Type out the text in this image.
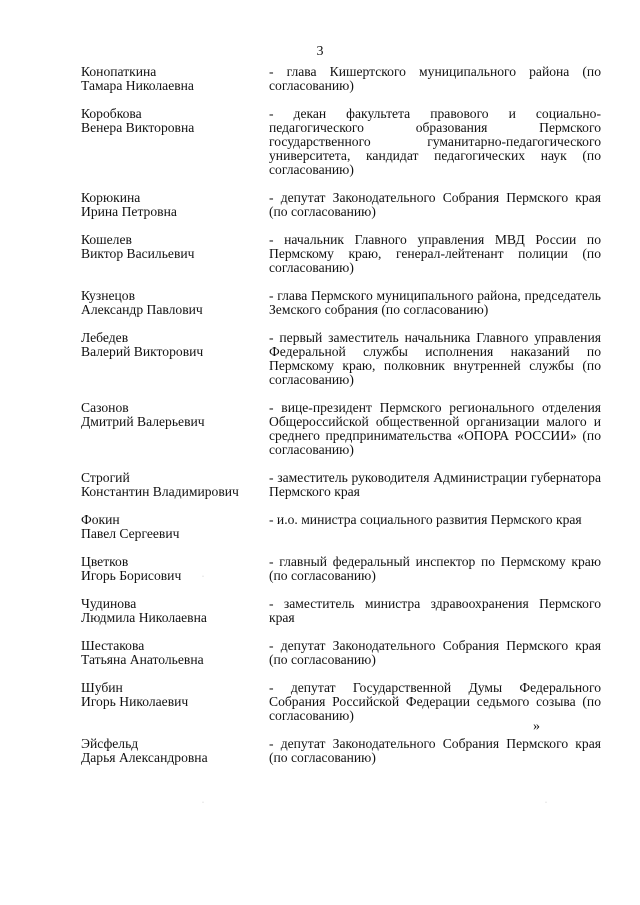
3
Конопаткина
Тамара Николаевна
- глава Кишертского муниципального района (по согласованию)
Коробкова
Венера Викторовна
- декан факультета правового и социально-педагогического образования Пермского государственного гуманитарно-педагогического университета, кандидат педагогических наук (по согласованию)
Корюкина
Ирина Петровна
- депутат Законодательного Собрания Пермского края (по согласованию)
Кошелев
Виктор Васильевич
- начальник Главного управления МВД России по Пермскому краю, генерал-лейтенант полиции (по согласованию)
Кузнецов
Александр Павлович
- глава Пермского муниципального района, председатель Земского собрания (по согласованию)
Лебедев
Валерий Викторович
- первый заместитель начальника Главного управления Федеральной службы исполнения наказаний по Пермскому краю, полковник внутренней службы (по согласованию)
Сазонов
Дмитрий Валерьевич
- вице-президент Пермского регионального отделения Общероссийской общественной организации малого и среднего предпринимательства «ОПОРА РОССИИ» (по согласованию)
Строгий
Константин Владимирович
- заместитель руководителя Администрации губернатора Пермского края
Фокин
Павел Сергеевич
- и.о. министра социального развития Пермского края
Цветков
Игорь Борисович
- главный федеральный инспектор по Пермскому краю (по согласованию)
Чудинова
Людмила Николаевна
- заместитель министра здравоохранения Пермского края
Шестакова
Татьяна Анатольевна
- депутат Законодательного Собрания Пермского края (по согласованию)
Шубин
Игорь Николаевич
- депутат Государственной Думы Федерального Собрания Российской Федерации седьмого созыва (по согласованию)
Эйсфельд
Дарья Александровна
- депутат Законодательного Собрания Пермского края (по согласованию)
»
·
·	·
